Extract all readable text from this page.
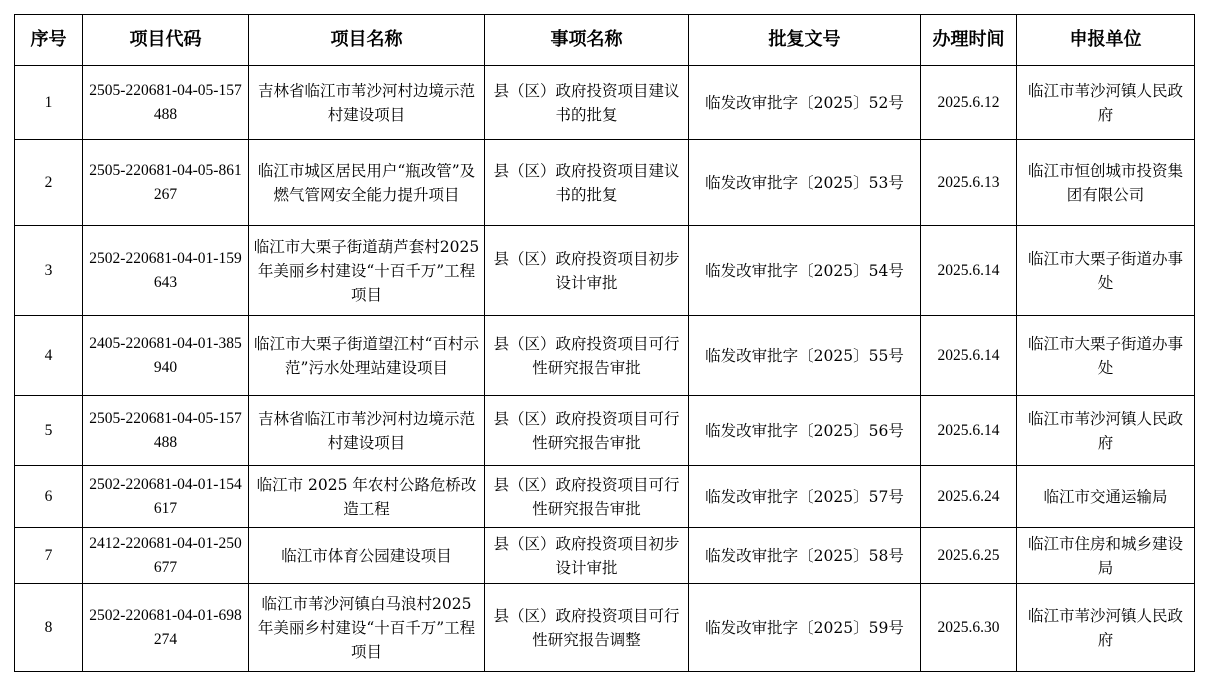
序号	项目代码	项目名称	事项名称	批复文号	办理时间	申报单位
1	2505-220681-04-05-157488	吉林省临江市苇沙河村边境示范村建设项目	县（区）政府投资项目建议书的批复	临发改审批字〔2025〕52号	2025.6.12	临江市苇沙河镇人民政府
2	2505-220681-04-05-861267	临江市城区居民用户“瓶改管”及燃气管网安全能力提升项目	县（区）政府投资项目建议书的批复	临发改审批字〔2025〕53号	2025.6.13	临江市恒创城市投资集团有限公司
3	2502-220681-04-01-159643	临江市大栗子街道葫芦套村2025年美丽乡村建设“十百千万”工程项目	县（区）政府投资项目初步设计审批	临发改审批字〔2025〕54号	2025.6.14	临江市大栗子街道办事处
4	2405-220681-04-01-385940	临江市大栗子街道望江村“百村示范”污水处理站建设项目	县（区）政府投资项目可行性研究报告审批	临发改审批字〔2025〕55号	2025.6.14	临江市大栗子街道办事处
5	2505-220681-04-05-157488	吉林省临江市苇沙河村边境示范村建设项目	县（区）政府投资项目可行性研究报告审批	临发改审批字〔2025〕56号	2025.6.14	临江市苇沙河镇人民政府
6	2502-220681-04-01-154617	临江市 2025 年农村公路危桥改造工程	县（区）政府投资项目可行性研究报告审批	临发改审批字〔2025〕57号	2025.6.24	临江市交通运输局
7	2412-220681-04-01-250677	临江市体育公园建设项目	县（区）政府投资项目初步设计审批	临发改审批字〔2025〕58号	2025.6.25	临江市住房和城乡建设局
8	2502-220681-04-01-698274	临江市苇沙河镇白马浪村2025 年美丽乡村建设“十百千万”工程项目	县（区）政府投资项目可行性研究报告调整	临发改审批字〔2025〕59号	2025.6.30	临江市苇沙河镇人民政府
